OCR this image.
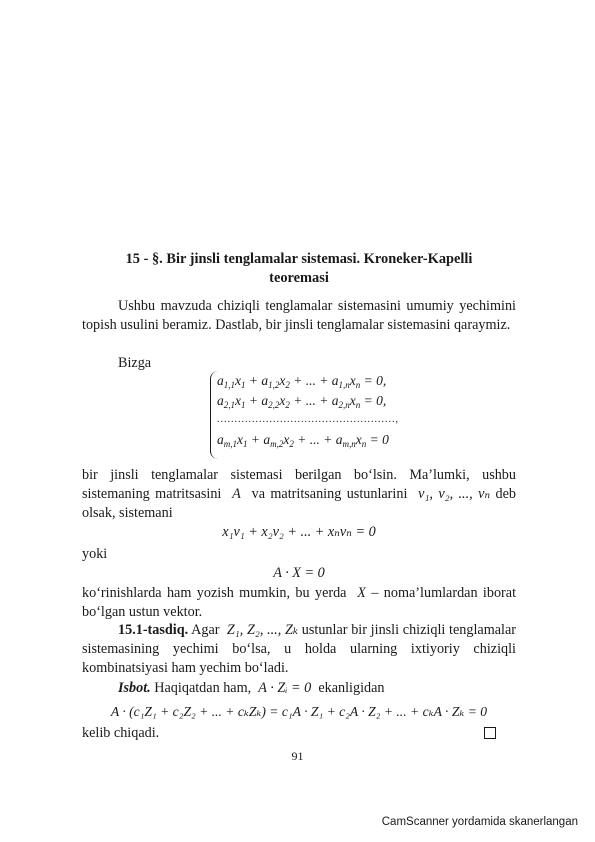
15 - §. Bir jinsli tenglamalar sistemasi. Kroneker-Kapelli
teoremasi
Ushbu mavzuda chiziqli tenglamalar sistemasini umumiy yechimini topish usulini beramiz. Dastlab, bir jinsli tenglamalar sistemasini qaraymiz.
Bizga
$a_{1,1}x_1 + a_{1,2}x_2$ + ... + $a_{1,n}x_n = 0$,
$a_{2,1}x_1 + a_{2,2}x_2$ + ... + $a_{2,n}x_n = 0$,
...................................................,
$a_{m,1}x_1 + a_{m,2}x_2$ + ... + $a_{m,n}x_n = 0$
bir jinsli tenglamalar sistemasi berilgan bo‘lsin. Ma’lumki, ushbu sistemaning matritsasini A va matritsaning ustunlarini v₁, v₂, ..., vₙ deb olsak, sistemani
x₁v₁ + x₂v₂ + ... + xₙvₙ = 0
yoki
A · X = 0
ko‘rinishlarda ham yozish mumkin, bu yerda X – noma’lumlardan iborat bo‘lgan ustun vektor.
15.1-tasdiq. Agar Z₁, Z₂, ..., Zₖ ustunlar bir jinsli chiziqli tenglamalar sistemasining yechimi bo‘lsa, u holda ularning ixtiyoriy chiziqli kombinatsiyasi ham yechim bo‘ladi.
Isbot. Haqiqatdan ham, A · Zᵢ = 0 ekanligidan
A · (c₁Z₁ + c₂Z₂ + ... + cₖZₖ) = c₁A · Z₁ + c₂A · Z₂ + ... + cₖA · Zₖ = 0
kelib chiqadi.
91
CamScanner yordamida skanerlangan
